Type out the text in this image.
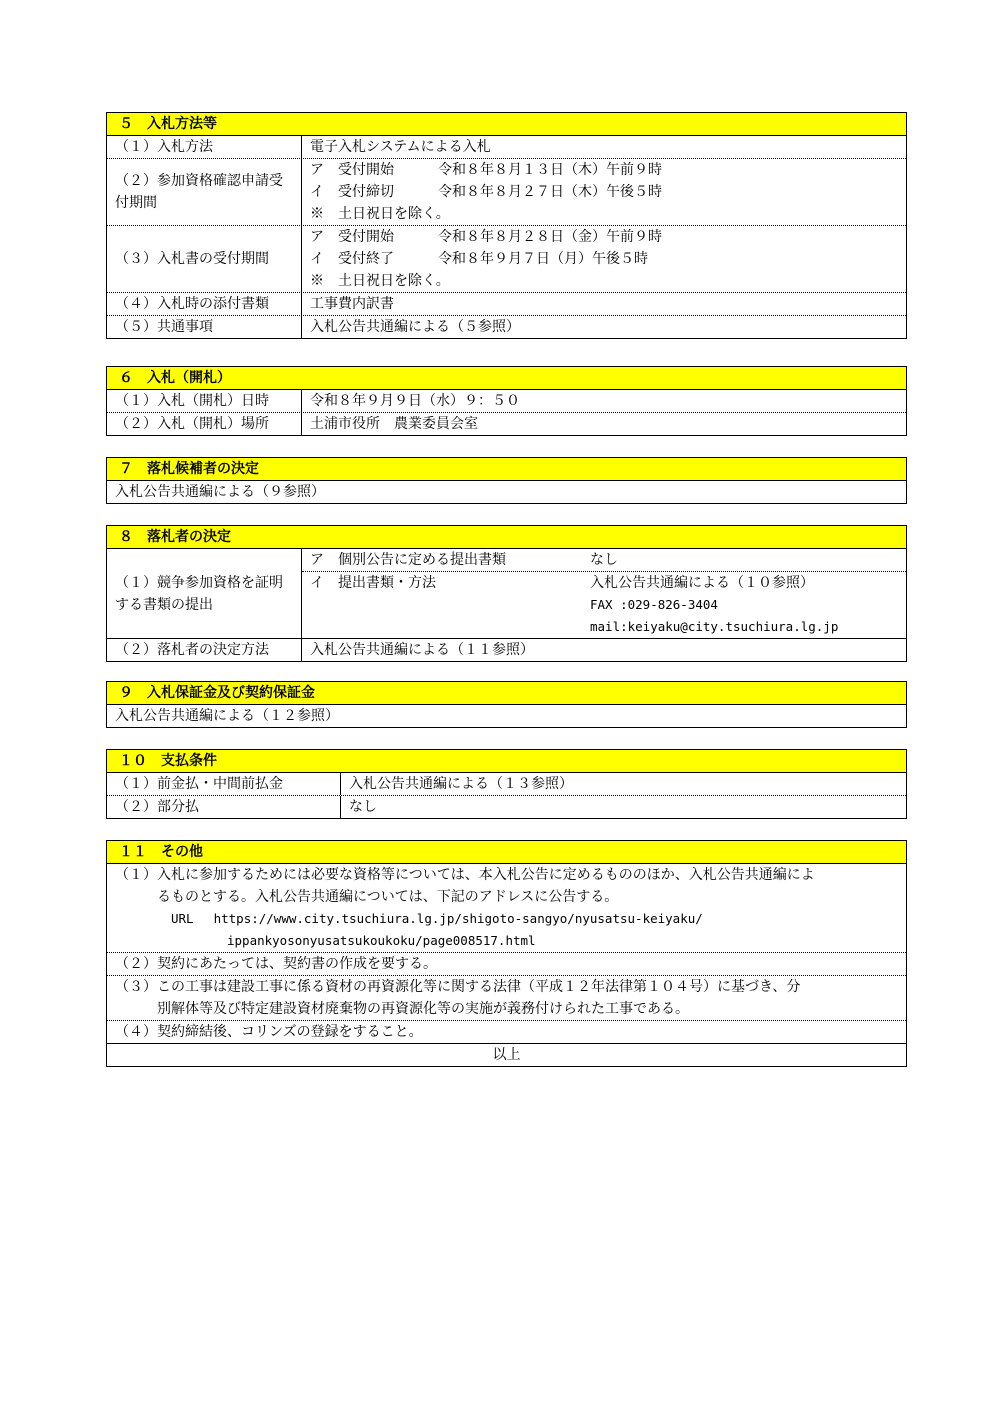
５　入札方法等
（１）入札方法	電子入札システムによる入札
（２）参加資格確認申請受付期間
ア　受付開始	令和８年８月１３日（木）午前９時
イ　受付締切	令和８年８月２７日（木）午後５時
※　土日祝日を除く。
（３）入札書の受付期間
ア　受付開始	令和８年８月２８日（金）午前９時
イ　受付終了	令和８年９月７日（月）午後５時
※　土日祝日を除く。
（４）入札時の添付書類	工事費内訳書
（５）共通事項	入札公告共通編による（５参照）
６　入札（開札）
（１）入札（開札）日時	令和８年９月９日（水）９：５０
（２）入札（開札）場所	土浦市役所　農業委員会室
７　落札候補者の決定
入札公告共通編による（９参照）
８　落札者の決定
（１）競争参加資格を証明する書類の提出
ア　個別公告に定める提出書類	なし
イ　提出書類・方法	入札公告共通編による（１０参照）
FAX :029-826-3404
mail:keiyaku@city.tsuchiura.lg.jp
（２）落札者の決定方法	入札公告共通編による（１１参照）
９　入札保証金及び契約保証金
入札公告共通編による（１２参照）
１０　支払条件
（１）前金払・中間前払金	入札公告共通編による（１３参照）
（２）部分払	なし
１１　その他
（１）入札に参加するためには必要な資格等については、本入札公告に定めるもののほか、入札公告共通編によ
るものとする。入札公告共通編については、下記のアドレスに公告する。
URL　 https://www.city.tsuchiura.lg.jp/shigoto-sangyo/nyusatsu-keiyaku/
ippankyosonyusatsukoukoku/page008517.html
（２）契約にあたっては、契約書の作成を要する。
（３）この工事は建設工事に係る資材の再資源化等に関する法律（平成１２年法律第１０４号）に基づき、分
別解体等及び特定建設資材廃棄物の再資源化等の実施が義務付けられた工事である。
（４）契約締結後、コリンズの登録をすること。
以上
